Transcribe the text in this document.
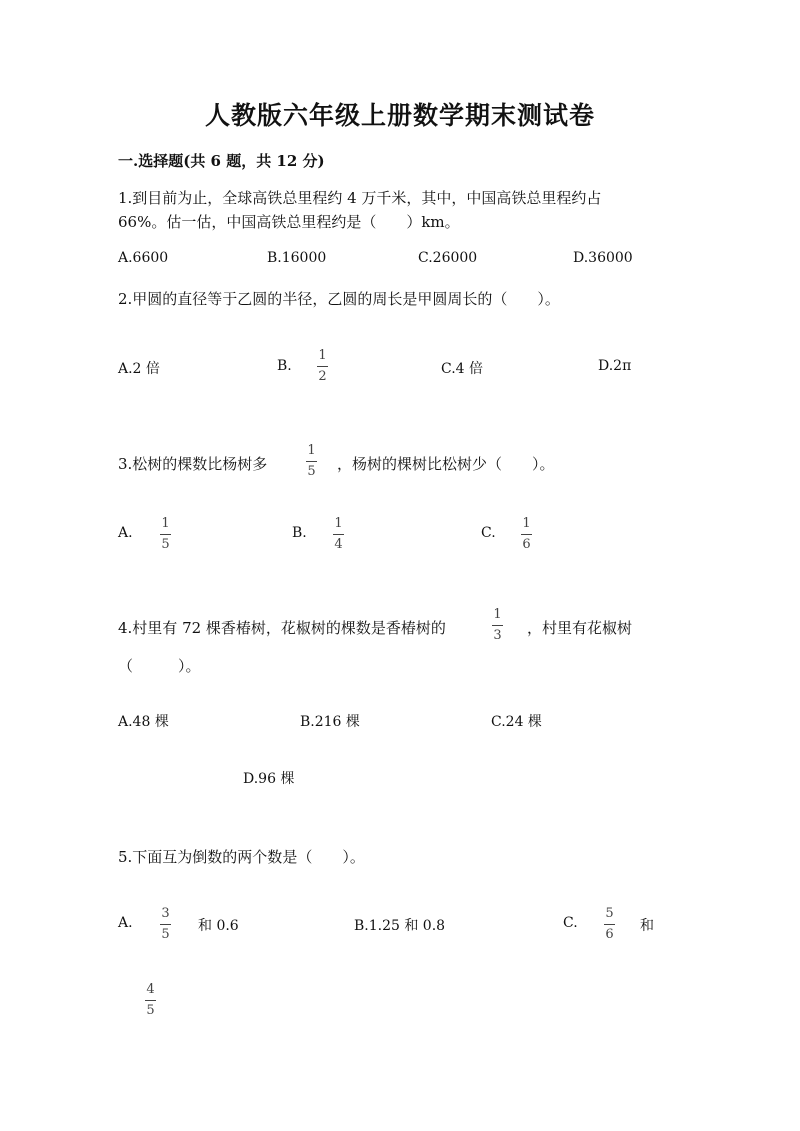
人教版六年级上册数学期末测试卷
一.选择题(共 6 题，共 12 分)
1.到目前为止，全球高铁总里程约 4 万千米，其中，中国高铁总里程约占
66%。估一估，中国高铁总里程约是（　　）km。
A.6600	B.16000	C.26000	D.36000
2.甲圆的直径等于乙圆的半径，乙圆的周长是甲圆周长的（　　）。
A.2 倍	B.
1
2	C.4 倍	D.2π
3.松树的棵数比杨树多
1
5 ，杨树的棵树比松树少（　　）。
A.
1
5
B.
1
4
C.
1
6
4.村里有 72 棵香椿树，花椒树的棵数是香椿树的
1
3 ，村里有花椒树
（　　　）。
A.48 棵	B.216 棵	C.24 棵
D.96 棵
5.下面互为倒数的两个数是（　　）。
A.
3
5
和 0.6	B.1.25 和 0.8	C.
5
6
和
4
5
